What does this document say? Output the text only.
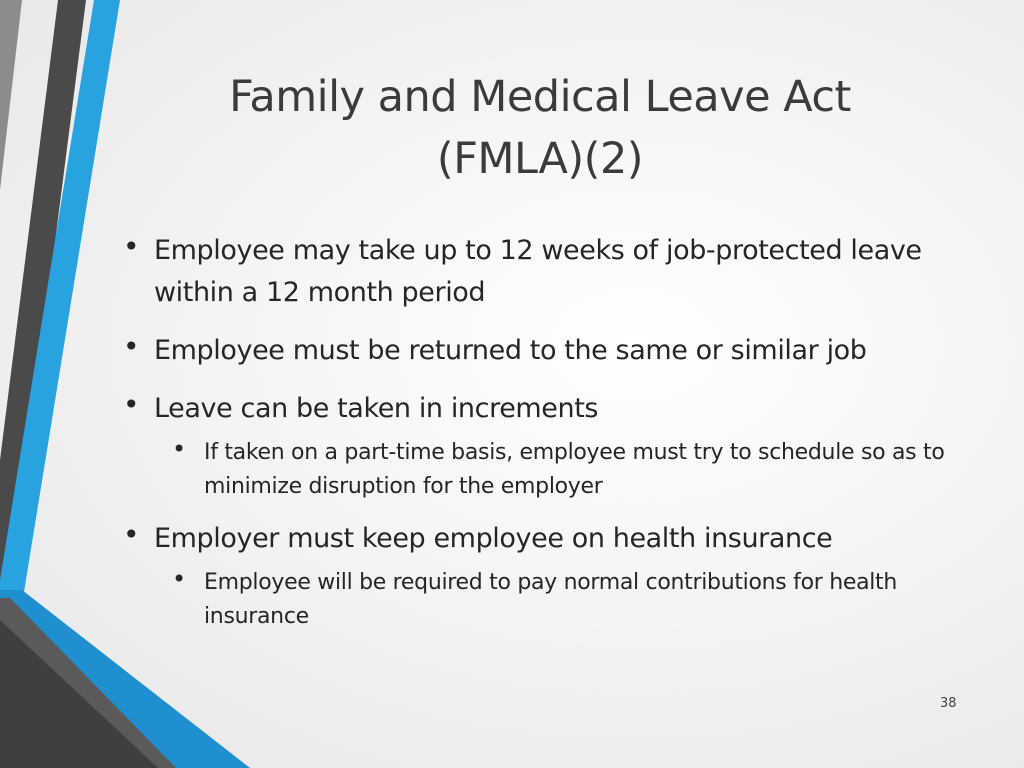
Family and Medical Leave Act
(FMLA)(2)
• Employee may take up to 12 weeks of job-protected leave within a 12 month period
• Employee must be returned to the same or similar job
• Leave can be taken in increments
• If taken on a part-time basis, employee must try to schedule so as to minimize disruption for the employer
• Employer must keep employee on health insurance
• Employee will be required to pay normal contributions for health insurance
38
